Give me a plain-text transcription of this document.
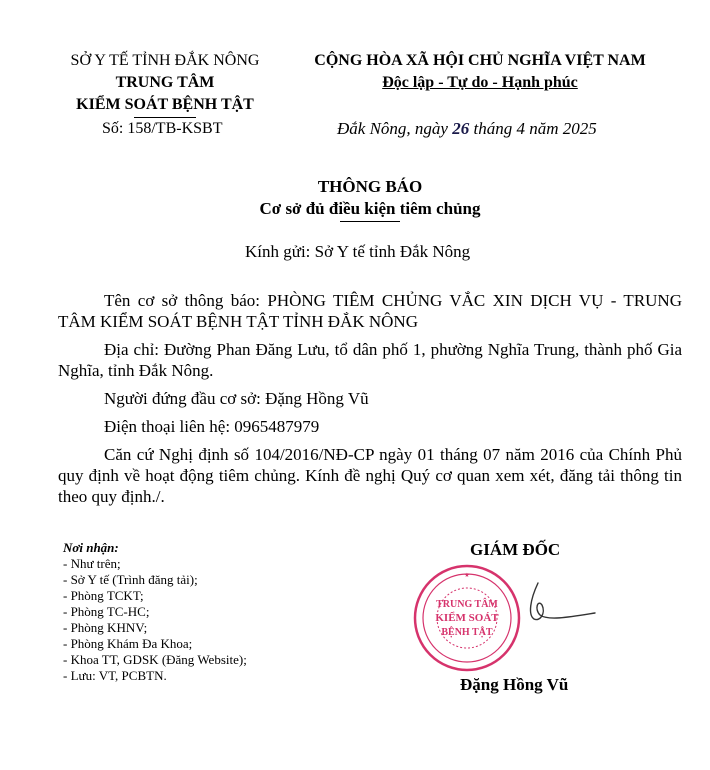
SỞ Y TẾ TỈNH ĐẮK NÔNG
TRUNG TÂM
KIỂM SOÁT BỆNH TẬT
CỘNG HÒA XÃ HỘI CHỦ NGHĨA VIỆT NAM
Độc lập - Tự do - Hạnh phúc
Số: 158/TB-KSBT	Đắk Nông, ngày 26 tháng 4 năm 2025
THÔNG BÁO
Cơ sở đủ điều kiện tiêm chủng
Kính gửi: Sở Y tế tỉnh Đắk Nông

Tên cơ sở thông báo: PHÒNG TIÊM CHỦNG VẮC XIN DỊCH VỤ - TRUNG TÂM KIỂM SOÁT BỆNH TẬT TỈNH ĐẮK NÔNG

Địa chỉ: Đường Phan Đăng Lưu, tổ dân phố 1, phường Nghĩa Trung, thành phố Gia Nghĩa, tỉnh Đắk Nông.

Người đứng đầu cơ sở: Đặng Hồng Vũ

Điện thoại liên hệ: 0965487979

Căn cứ Nghị định số 104/2016/NĐ-CP ngày 01 tháng 07 năm 2016 của Chính Phủ quy định về hoạt động tiêm chủng. Kính đề nghị Quý cơ quan xem xét, đăng tải thông tin theo quy định./.

Nơi nhận:
- Như trên;
- Sở Y tế (Trình đăng tải);
- Phòng TCKT;
- Phòng TC-HC;
- Phòng KHNV;
- Phòng Khám Đa Khoa;
- Khoa TT, GDSK (Đăng Website);
- Lưu: VT, PCBTN.
GIÁM ĐỐC
TRUNG TÂM
KIỂM SOÁT
BỆNH TẬT
★
Đặng Hồng Vũ
